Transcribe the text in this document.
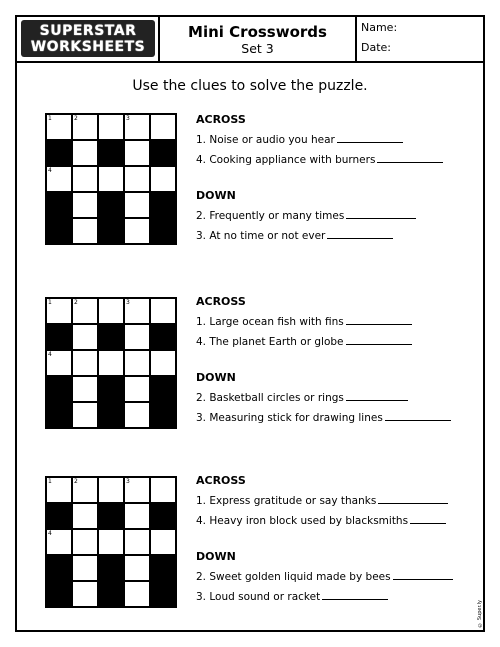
SUPERSTAR
WORKSHEETS
Mini Crosswords
Set 3
Name:
Date:
Use the clues to solve the puzzle.
1	2	3
4
ACROSS
1. Noise or audio you hear
4. Cooking appliance with burners
DOWN
2. Frequently or many times
3. At no time or not ever
1	2	3
4
ACROSS
1. Large ocean fish with fins
4. The planet Earth or globe
DOWN
2. Basketball circles or rings
3. Measuring stick for drawing lines
1	2	3
4
ACROSS
1. Express gratitude or say thanks
4. Heavy iron block used by blacksmiths
DOWN
2. Sweet golden liquid made by bees
3. Loud sound or racket
© Super.ly
